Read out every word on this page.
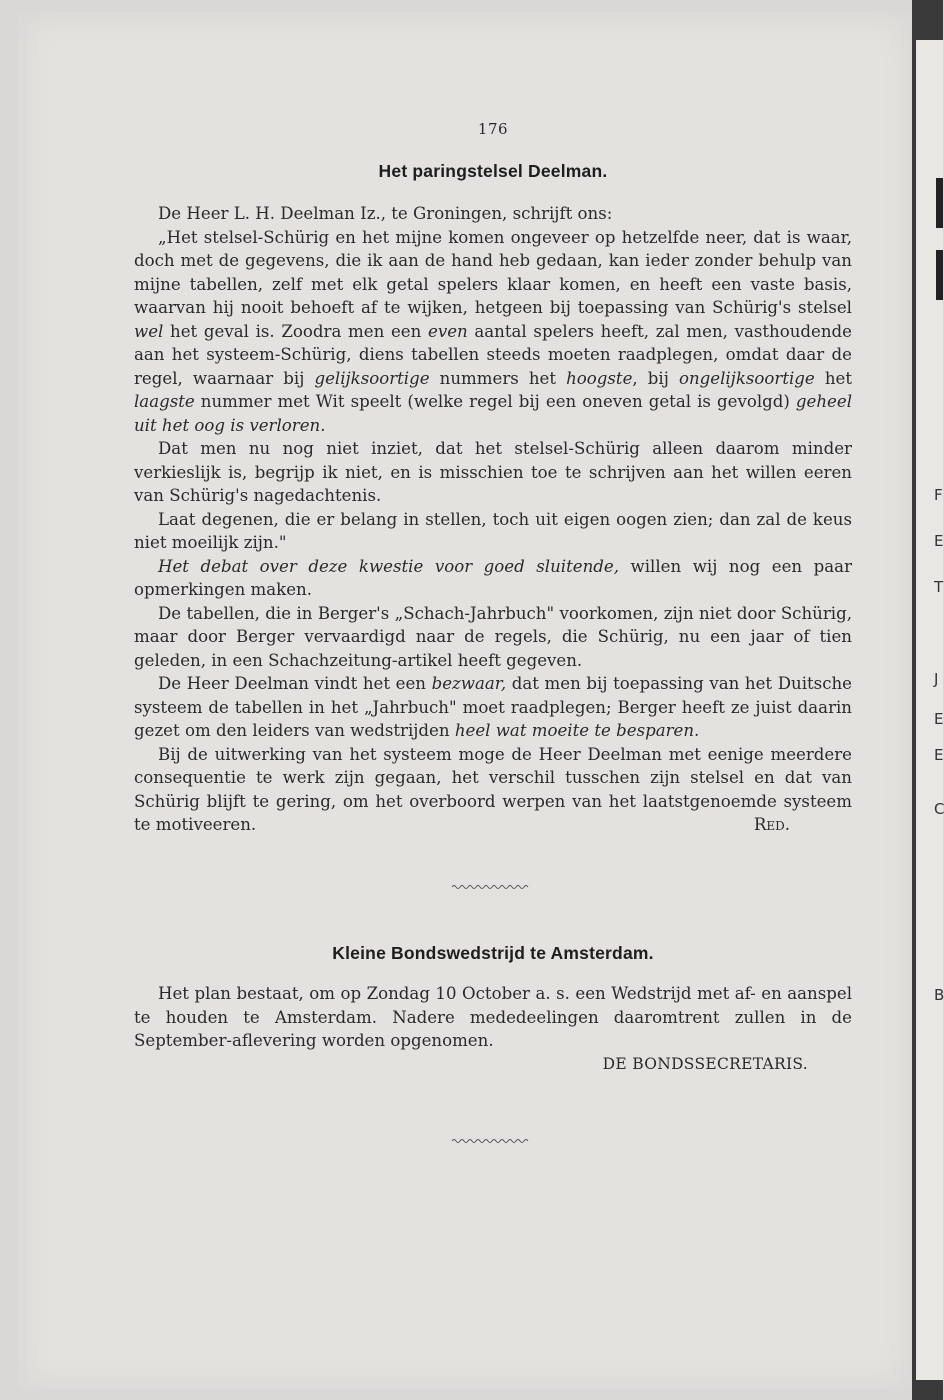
F
E
T
J
E
E
C
B
176
Het paringstelsel Deelman.

De Heer L. H. Deelman Iz., te Groningen, schrijft ons:

„Het stelsel-Schürig en het mijne komen ongeveer op hetzelfde neer, dat is waar, doch met de gegevens, die ik aan de hand heb gedaan, kan ieder zonder behulp van mijne tabellen, zelf met elk getal spelers klaar komen, en heeft een vaste basis, waarvan hij nooit behoeft af te wijken, hetgeen bij toepassing van Schürig's stelsel wel het geval is. Zoodra men een even aantal spelers heeft, zal men, vasthoudende aan het systeem-Schürig, diens tabellen steeds moeten raadplegen, omdat daar de regel, waarnaar bij gelijksoortige nummers het hoogste, bij ongelijksoortige het laagste nummer met Wit speelt (welke regel bij een oneven getal is gevolgd) geheel uit het oog is verloren.

Dat men nu nog niet inziet, dat het stelsel-Schürig alleen daarom minder verkieslijk is, begrijp ik niet, en is misschien toe te schrijven aan het willen eeren van Schürig's nagedachtenis.

Laat degenen, die er belang in stellen, toch uit eigen oogen zien; dan zal de keus niet moeilijk zijn."

Het debat over deze kwestie voor goed sluitende, willen wij nog een paar opmerkingen maken.

De tabellen, die in Berger's „Schach-Jahrbuch" voorkomen, zijn niet door Schürig, maar door Berger vervaardigd naar de regels, die Schürig, nu een jaar of tien geleden, in een Schachzeitung-artikel heeft gegeven.

De Heer Deelman vindt het een bezwaar, dat men bij toepassing van het Duitsche systeem de tabellen in het „Jahrbuch" moet raadplegen; Berger heeft ze juist daarin gezet om den leiders van wedstrijden heel wat moeite te besparen.

Bij de uitwerking van het systeem moge de Heer Deelman met eenige meerdere consequentie te werk zijn gegaan, het verschil tusschen zijn stelsel en dat van Schürig blijft te gering, om het overboord werpen van het laatstgenoemde systeem te motiveeren.	Red.

Kleine Bondswedstrijd te Amsterdam.

Het plan bestaat, om op Zondag 10 October a. s. een Wedstrijd met af- en aanspel te houden te Amsterdam. Nadere mededeelingen daaromtrent zullen in de September-aflevering worden opgenomen.

DE BONDSSECRETARIS.
